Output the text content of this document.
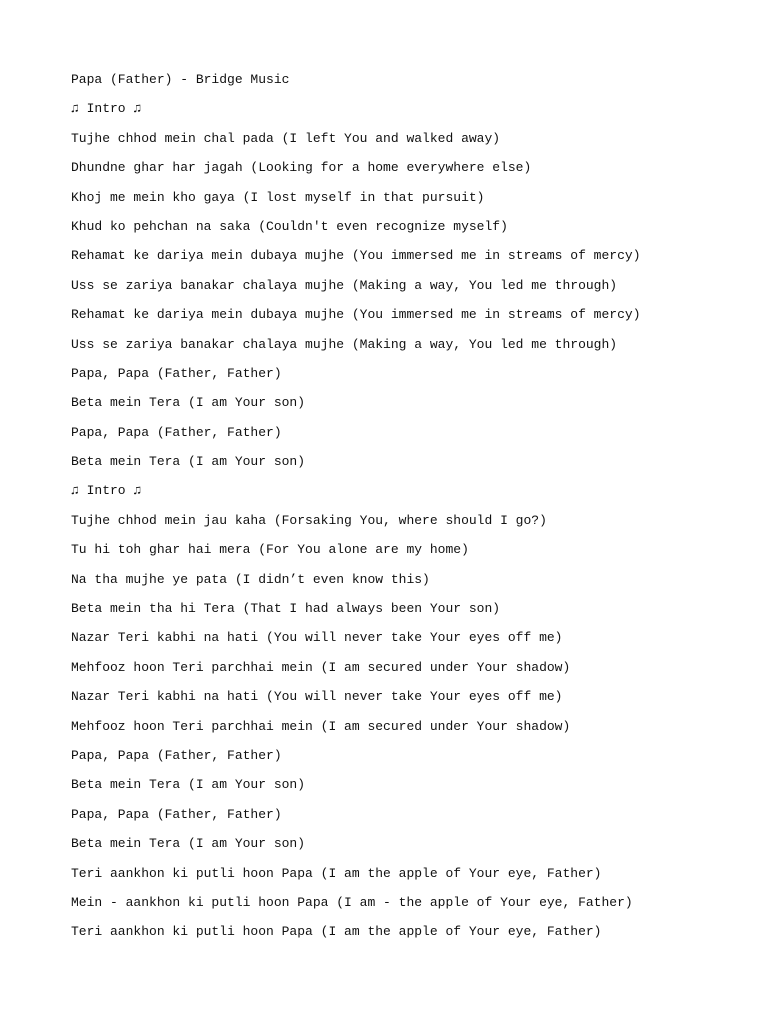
Papa (Father) - Bridge Music
♫ Intro ♫
Tujhe chhod mein chal pada (I left You and walked away)
Dhundne ghar har jagah (Looking for a home everywhere else)
Khoj me mein kho gaya (I lost myself in that pursuit)
Khud ko pehchan na saka (Couldn't even recognize myself)
Rehamat ke dariya mein dubaya mujhe (You immersed me in streams of mercy)
Uss se zariya banakar chalaya mujhe (Making a way, You led me through)
Rehamat ke dariya mein dubaya mujhe (You immersed me in streams of mercy)
Uss se zariya banakar chalaya mujhe (Making a way, You led me through)
Papa, Papa (Father, Father)
Beta mein Tera (I am Your son)
Papa, Papa (Father, Father)
Beta mein Tera (I am Your son)
♫ Intro ♫
Tujhe chhod mein jau kaha (Forsaking You, where should I go?)
Tu hi toh ghar hai mera (For You alone are my home)
Na tha mujhe ye pata (I didn’t even know this)
Beta mein tha hi Tera (That I had always been Your son)
Nazar Teri kabhi na hati (You will never take Your eyes off me)
Mehfooz hoon Teri parchhai mein (I am secured under Your shadow)
Nazar Teri kabhi na hati (You will never take Your eyes off me)
Mehfooz hoon Teri parchhai mein (I am secured under Your shadow)
Papa, Papa (Father, Father)
Beta mein Tera (I am Your son)
Papa, Papa (Father, Father)
Beta mein Tera (I am Your son)
Teri aankhon ki putli hoon Papa (I am the apple of Your eye, Father)
Mein - aankhon ki putli hoon Papa (I am - the apple of Your eye, Father)
Teri aankhon ki putli hoon Papa (I am the apple of Your eye, Father)
